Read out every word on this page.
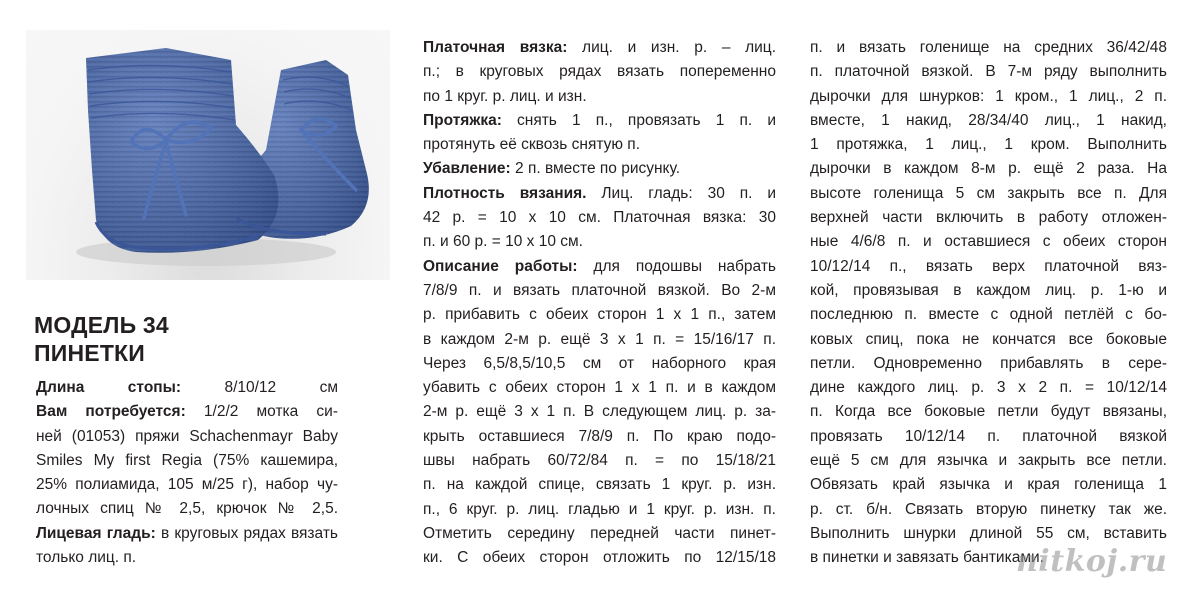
МОДЕЛЬ 34
ПИНЕТКИ
Длина стопы: 8/10/12 см
Вам потребуется: 1/2/2 мотка си-
ней (01053) пряжи Schachenmayr Baby
Smiles My first Regia (75% кашемира,
25% полиамида, 105 м/25 г), набор чу-
лочных спиц № 2,5, крючок № 2,5.
Лицевая гладь: в круговых рядах вязать
только лиц. п.
Платочная вязка: лиц. и изн. р. – лиц.
п.; в круговых рядах вязать попеременно
по 1 круг. р. лиц. и изн.
Протяжка: снять 1 п., провязать 1 п. и
протянуть её сквозь снятую п.
Убавление: 2 п. вместе по рисунку.
Плотность вязания. Лиц. гладь: 30 п. и
42 р. = 10 х 10 см. Платочная вязка: 30
п. и 60 р. = 10 х 10 см.
Описание работы: для подошвы набрать
7/8/9 п. и вязать платочной вязкой. Во 2-м
р. прибавить с обеих сторон 1 х 1 п., затем
в каждом 2-м р. ещё 3 х 1 п. = 15/16/17 п.
Через 6,5/8,5/10,5 см от наборного края
убавить с обеих сторон 1 х 1 п. и в каждом
2-м р. ещё 3 х 1 п. В следующем лиц. р. за-
крыть оставшиеся 7/8/9 п. По краю подо-
швы набрать 60/72/84 п. = по 15/18/21
п. на каждой спице, связать 1 круг. р. изн.
п., 6 круг. р. лиц. гладью и 1 круг. р. изн. п.
Отметить середину передней части пинет-
ки. С обеих сторон отложить по 12/15/18
п. и вязать голенище на средних 36/42/48
п. платочной вязкой. В 7-м ряду выполнить
дырочки для шнурков: 1 кром., 1 лиц., 2 п.
вместе, 1 накид, 28/34/40 лиц., 1 накид,
1 протяжка, 1 лиц., 1 кром. Выполнить
дырочки в каждом 8-м р. ещё 2 раза. На
высоте голенища 5 см закрыть все п. Для
верхней части включить в работу отложен-
ные 4/6/8 п. и оставшиеся с обеих сторон
10/12/14 п., вязать верх платочной вяз-
кой, провязывая в каждом лиц. р. 1-ю и
последнюю п. вместе с одной петлёй с бо-
ковых спиц, пока не кончатся все боковые
петли. Одновременно прибавлять в сере-
дине каждого лиц. р. 3 х 2 п. = 10/12/14
п. Когда все боковые петли будут ввязаны,
провязать 10/12/14 п. платочной вязкой
ещё 5 см для язычка и закрыть все петли.
Обвязать край язычка и края голенища 1
р. ст. б/н. Связать вторую пинетку так же.
Выполнить шнурки длиной 55 см, вставить
в пинетки и завязать бантиками.
nitkoj.ru
